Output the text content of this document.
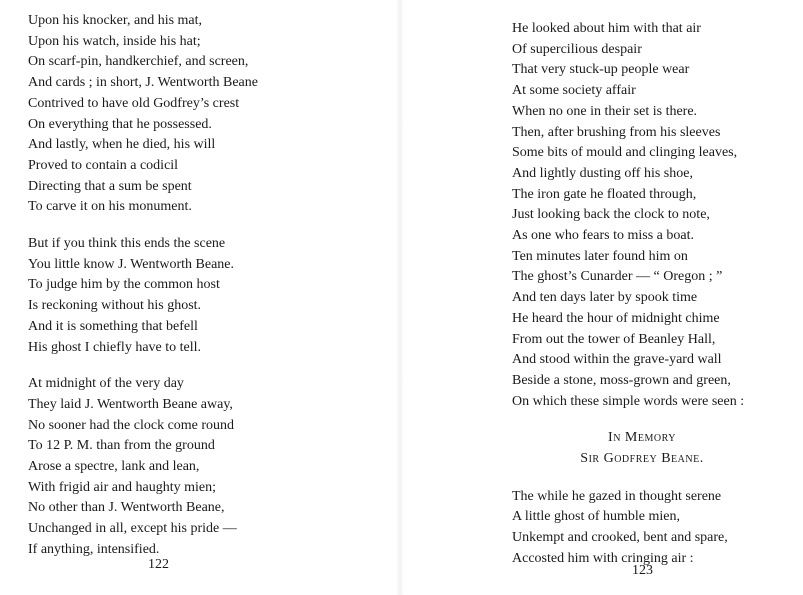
Upon his knocker, and his mat,
Upon his watch, inside his hat;
On scarf-pin, handkerchief, and screen,
And cards ; in short, J. Wentworth Beane
Contrived to have old Godfrey’s crest
On everything that he possessed.
And lastly, when he died, his will
Proved to contain a codicil
Directing that a sum be spent
To carve it on his monument.
But if you think this ends the scene
You little know J. Wentworth Beane.
To judge him by the common host
Is reckoning without his ghost.
And it is something that befell
His ghost I chiefly have to tell.
At midnight of the very day
They laid J. Wentworth Beane away,
No sooner had the clock come round
To 12 P. M. than from the ground
Arose a spectre, lank and lean,
With frigid air and haughty mien;
No other than J. Wentworth Beane,
Unchanged in all, except his pride —
If anything, intensified.
122
He looked about him with that air
Of supercilious despair
That very stuck-up people wear
At some society affair
When no one in their set is there.
Then, after brushing from his sleeves
Some bits of mould and clinging leaves,
And lightly dusting off his shoe,
The iron gate he floated through,
Just looking back the clock to note,
As one who fears to miss a boat.
Ten minutes later found him on
The ghost’s Cunarder — “ Oregon ; ”
And ten days later by spook time
He heard the hour of midnight chime
From out the tower of Beanley Hall,
And stood within the grave-yard wall
Beside a stone, moss-grown and green,
On which these simple words were seen :
In Memory
Sir Godfrey Beane.
The while he gazed in thought serene
A little ghost of humble mien,
Unkempt and crooked, bent and spare,
Accosted him with cringing air :
123
